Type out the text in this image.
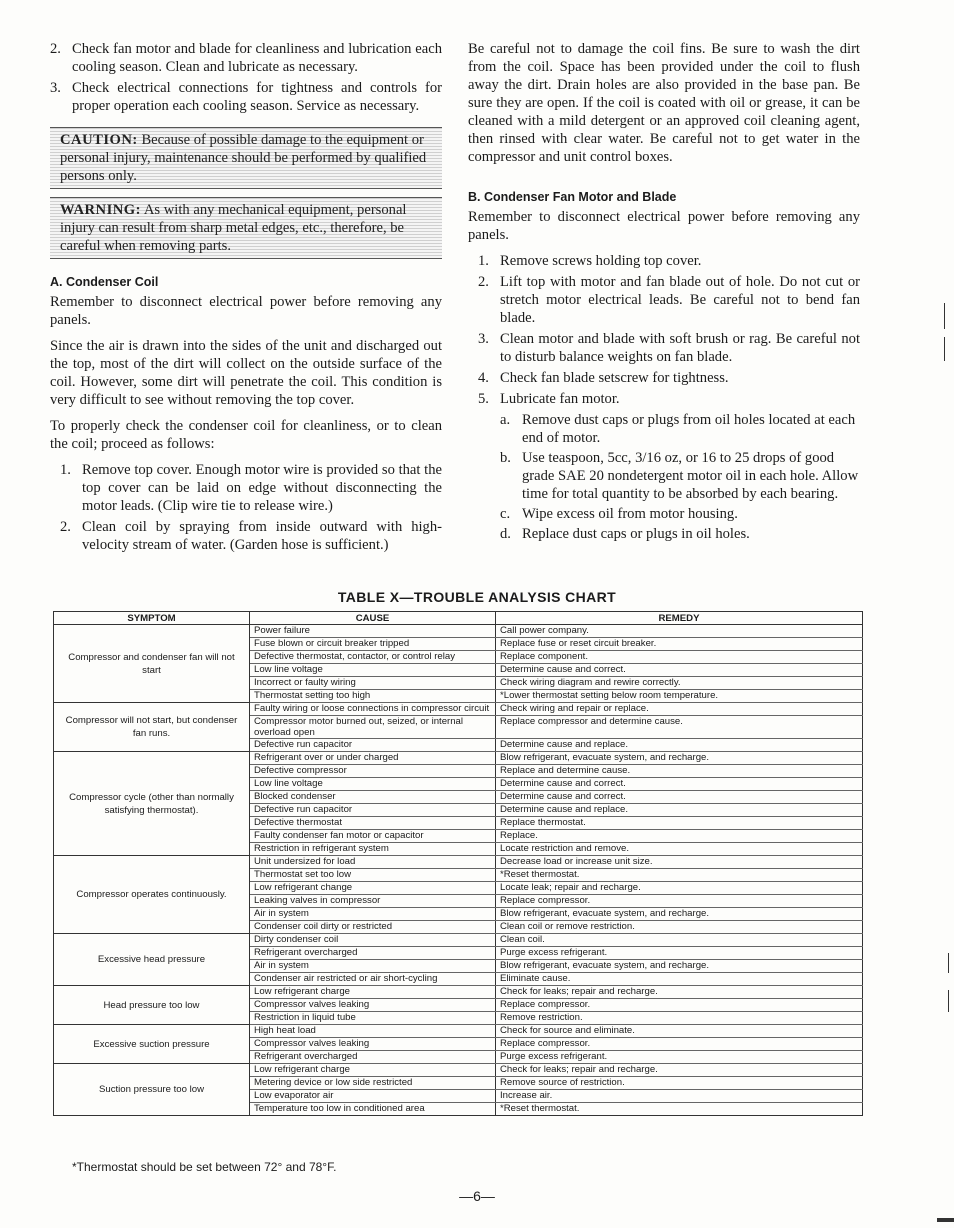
2. Check fan motor and blade for cleanliness and lubrication each cooling season. Clean and lubricate as necessary.
3. Check electrical connections for tightness and controls for proper operation each cooling season. Service as necessary.
CAUTION: Because of possible damage to the equipment or personal injury, maintenance should be performed by qualified persons only.
WARNING: As with any mechanical equipment, personal injury can result from sharp metal edges, etc., therefore, be careful when removing parts.
A. Condenser Coil

Remember to disconnect electrical power before removing any panels.

Since the air is drawn into the sides of the unit and discharged out the top, most of the dirt will collect on the outside surface of the coil. However, some dirt will penetrate the coil. This condition is very difficult to see without removing the top cover.

To properly check the condenser coil for cleanliness, or to clean the coil; proceed as follows:

1. Remove top cover. Enough motor wire is provided so that the top cover can be laid on edge without disconnecting the motor leads. (Clip wire tie to release wire.)
2. Clean coil by spraying from inside outward with high-velocity stream of water. (Garden hose is sufficient.)

Be careful not to damage the coil fins. Be sure to wash the dirt from the coil. Space has been provided under the coil to flush away the dirt. Drain holes are also provided in the base pan. Be sure they are open. If the coil is coated with oil or grease, it can be cleaned with a mild detergent or an approved coil cleaning agent, then rinsed with clear water. Be careful not to get water in the compressor and unit control boxes.

B. Condenser Fan Motor and Blade

Remember to disconnect electrical power before removing any panels.

1. Remove screws holding top cover.
2. Lift top with motor and fan blade out of hole. Do not cut or stretch motor electrical leads. Be careful not to bend fan blade.
3. Clean motor and blade with soft brush or rag. Be careful not to disturb balance weights on fan blade.
4. Check fan blade setscrew for tightness.
5. Lubricate fan motor.
a. Remove dust caps or plugs from oil holes located at each end of motor.
b. Use teaspoon, 5cc, 3/16 oz, or 16 to 25 drops of good grade SAE 20 nondetergent motor oil in each hole. Allow time for total quantity to be absorbed by each bearing.
c. Wipe excess oil from motor housing.
d. Replace dust caps or plugs in oil holes.
TABLE X—TROUBLE ANALYSIS CHART
SYMPTOM	CAUSE	REMEDY
Compressor and condenser fan will not start	Power failure	Call power company.
	Fuse blown or circuit breaker tripped	Replace fuse or reset circuit breaker.
	Defective thermostat, contactor, or control relay	Replace component.
	Low line voltage	Determine cause and correct.
	Incorrect or faulty wiring	Check wiring diagram and rewire correctly.
	Thermostat setting too high	*Lower thermostat setting below room temperature.
Compressor will not start, but condenser fan runs.	Faulty wiring or loose connections in compressor circuit	Check wiring and repair or replace.
	Compressor motor burned out, seized, or internal overload open	Replace compressor and determine cause.
	Defective run capacitor	Determine cause and replace.
Compressor cycle (other than normally satisfying thermostat).	Refrigerant over or under charged	Blow refrigerant, evacuate system, and recharge.
	Defective compressor	Replace and determine cause.
	Low line voltage	Determine cause and correct.
	Blocked condenser	Determine cause and correct.
	Defective run capacitor	Determine cause and replace.
	Defective thermostat	Replace thermostat.
	Faulty condenser fan motor or capacitor	Replace.
	Restriction in refrigerant system	Locate restriction and remove.
Compressor operates continuously.	Unit undersized for load	Decrease load or increase unit size.
	Thermostat set too low	*Reset thermostat.
	Low refrigerant change	Locate leak; repair and recharge.
	Leaking valves in compressor	Replace compressor.
	Air in system	Blow refrigerant, evacuate system, and recharge.
	Condenser coil dirty or restricted	Clean coil or remove restriction.
Excessive head pressure	Dirty condenser coil	Clean coil.
	Refrigerant overcharged	Purge excess refrigerant.
	Air in system	Blow refrigerant, evacuate system, and recharge.
	Condenser air restricted or air short-cycling	Eliminate cause.
Head pressure too low	Low refrigerant charge	Check for leaks; repair and recharge.
	Compressor valves leaking	Replace compressor.
	Restriction in liquid tube	Remove restriction.
Excessive suction pressure	High heat load	Check for source and eliminate.
	Compressor valves leaking	Replace compressor.
	Refrigerant overcharged	Purge excess refrigerant.
Suction pressure too low	Low refrigerant charge	Check for leaks; repair and recharge.
	Metering device or low side restricted	Remove source of restriction.
	Low evaporator air	Increase air.
	Temperature too low in conditioned area	*Reset thermostat.
*Thermostat should be set between 72° and 78°F.
—6—
